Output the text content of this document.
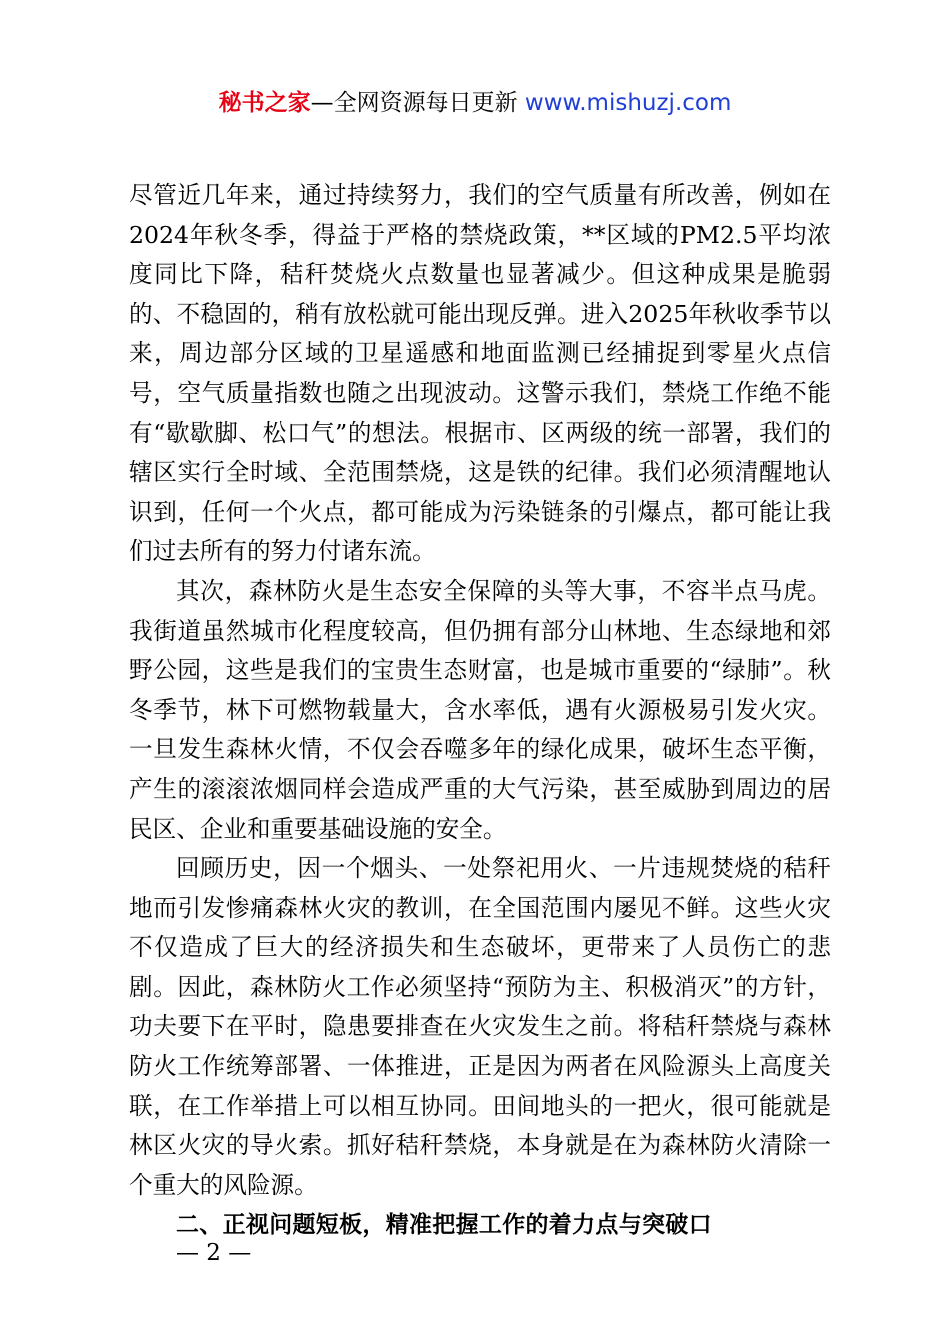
秘书之家—全网资源每日更新 www.mishuzj.com

尽管近几年来，通过持续努力，我们的空气质量有所改善，例如在2024年秋冬季，得益于严格的禁烧政策，**区域的PM2.5平均浓度同比下降，秸秆焚烧火点数量也显著减少。但这种成果是脆弱的、不稳固的，稍有放松就可能出现反弹。进入2025年秋收季节以来，周边部分区域的卫星遥感和地面监测已经捕捉到零星火点信号，空气质量指数也随之出现波动。这警示我们，禁烧工作绝不能有“歇歇脚、松口气”的想法。根据市、区两级的统一部署，我们的辖区实行全时域、全范围禁烧，这是铁的纪律。我们必须清醒地认识到，任何一个火点，都可能成为污染链条的引爆点，都可能让我们过去所有的努力付诸东流。

其次，森林防火是生态安全保障的头等大事，不容半点马虎。我街道虽然城市化程度较高，但仍拥有部分山林地、生态绿地和郊野公园，这些是我们的宝贵生态财富，也是城市重要的“绿肺”。秋冬季节，林下可燃物载量大，含水率低，遇有火源极易引发火灾。一旦发生森林火情，不仅会吞噬多年的绿化成果，破坏生态平衡，产生的滚滚浓烟同样会造成严重的大气污染，甚至威胁到周边的居民区、企业和重要基础设施的安全。

回顾历史，因一个烟头、一处祭祀用火、一片违规焚烧的秸秆地而引发惨痛森林火灾的教训，在全国范围内屡见不鲜。这些火灾不仅造成了巨大的经济损失和生态破坏，更带来了人员伤亡的悲剧。因此，森林防火工作必须坚持“预防为主、积极消灭”的方针，功夫要下在平时，隐患要排查在火灾发生之前。将秸秆禁烧与森林防火工作统筹部署、一体推进，正是因为两者在风险源头上高度关联，在工作举措上可以相互协同。田间地头的一把火，很可能就是林区火灾的导火索。抓好秸秆禁烧，本身就是在为森林防火清除一个重大的风险源。

二、正视问题短板，精准把握工作的着力点与突破口
— 2 —
